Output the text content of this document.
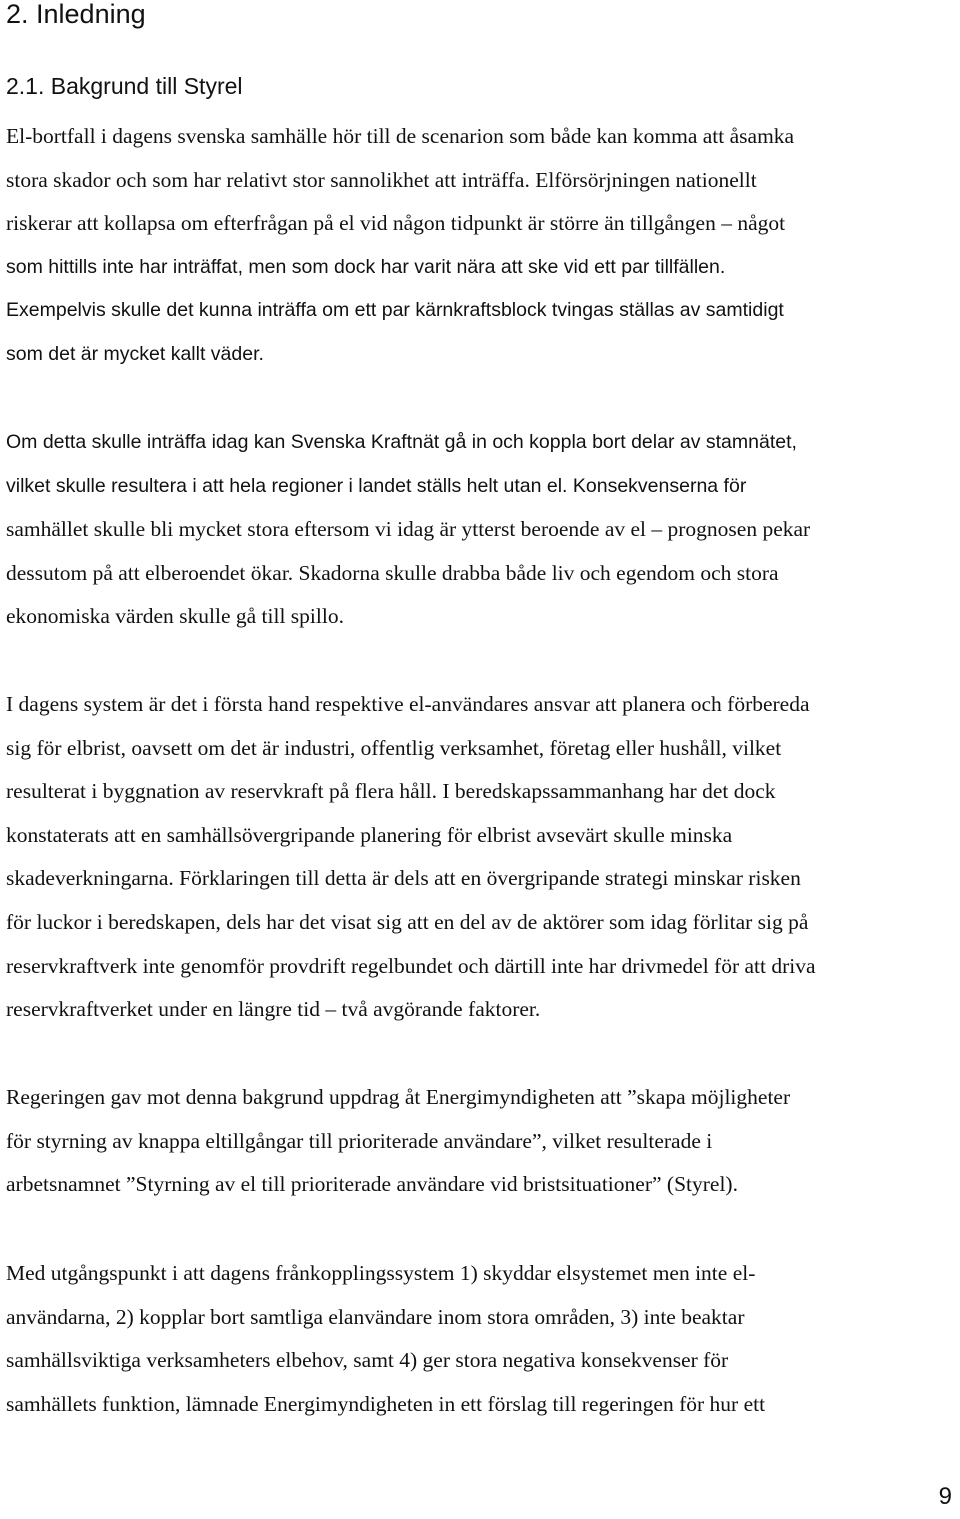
2. Inledning
2.1. Bakgrund till Styrel
El-bortfall i dagens svenska samhälle hör till de scenarion som både kan komma att åsamka
stora skador och som har relativt stor sannolikhet att inträffa. Elförsörjningen nationellt
riskerar att kollapsa om efterfrågan på el vid någon tidpunkt är större än tillgången – något
som hittills inte har inträffat, men som dock har varit nära att ske vid ett par tillfällen.
Exempelvis skulle det kunna inträffa om ett par kärnkraftsblock tvingas ställas av samtidigt
som det är mycket kallt väder.
Om detta skulle inträffa idag kan Svenska Kraftnät gå in och koppla bort delar av stamnätet,
vilket skulle resultera i att hela regioner i landet ställs helt utan el. Konsekvenserna för
samhället skulle bli mycket stora eftersom vi idag är ytterst beroende av el – prognosen pekar
dessutom på att elberoendet ökar. Skadorna skulle drabba både liv och egendom och stora
ekonomiska värden skulle gå till spillo.
I dagens system är det i första hand respektive el-användares ansvar att planera och förbereda
sig för elbrist, oavsett om det är industri, offentlig verksamhet, företag eller hushåll, vilket
resulterat i byggnation av reservkraft på flera håll. I beredskapssammanhang har det dock
konstaterats att en samhällsövergripande planering för elbrist avsevärt skulle minska
skadeverkningarna. Förklaringen till detta är dels att en övergripande strategi minskar risken
för luckor i beredskapen, dels har det visat sig att en del av de aktörer som idag förlitar sig på
reservkraftverk inte genomför provdrift regelbundet och därtill inte har drivmedel för att driva
reservkraftverket under en längre tid – två avgörande faktorer.
Regeringen gav mot denna bakgrund uppdrag åt Energimyndigheten att ”skapa möjligheter
för styrning av knappa eltillgångar till prioriterade användare”, vilket resulterade i
arbetsnamnet ”Styrning av el till prioriterade användare vid bristsituationer” (Styrel).
Med utgångspunkt i att dagens frånkopplingssystem 1) skyddar elsystemet men inte el-
användarna, 2) kopplar bort samtliga elanvändare inom stora områden, 3) inte beaktar
samhällsviktiga verksamheters elbehov, samt 4) ger stora negativa konsekvenser för
samhällets funktion, lämnade Energimyndigheten in ett förslag till regeringen för hur ett
9
